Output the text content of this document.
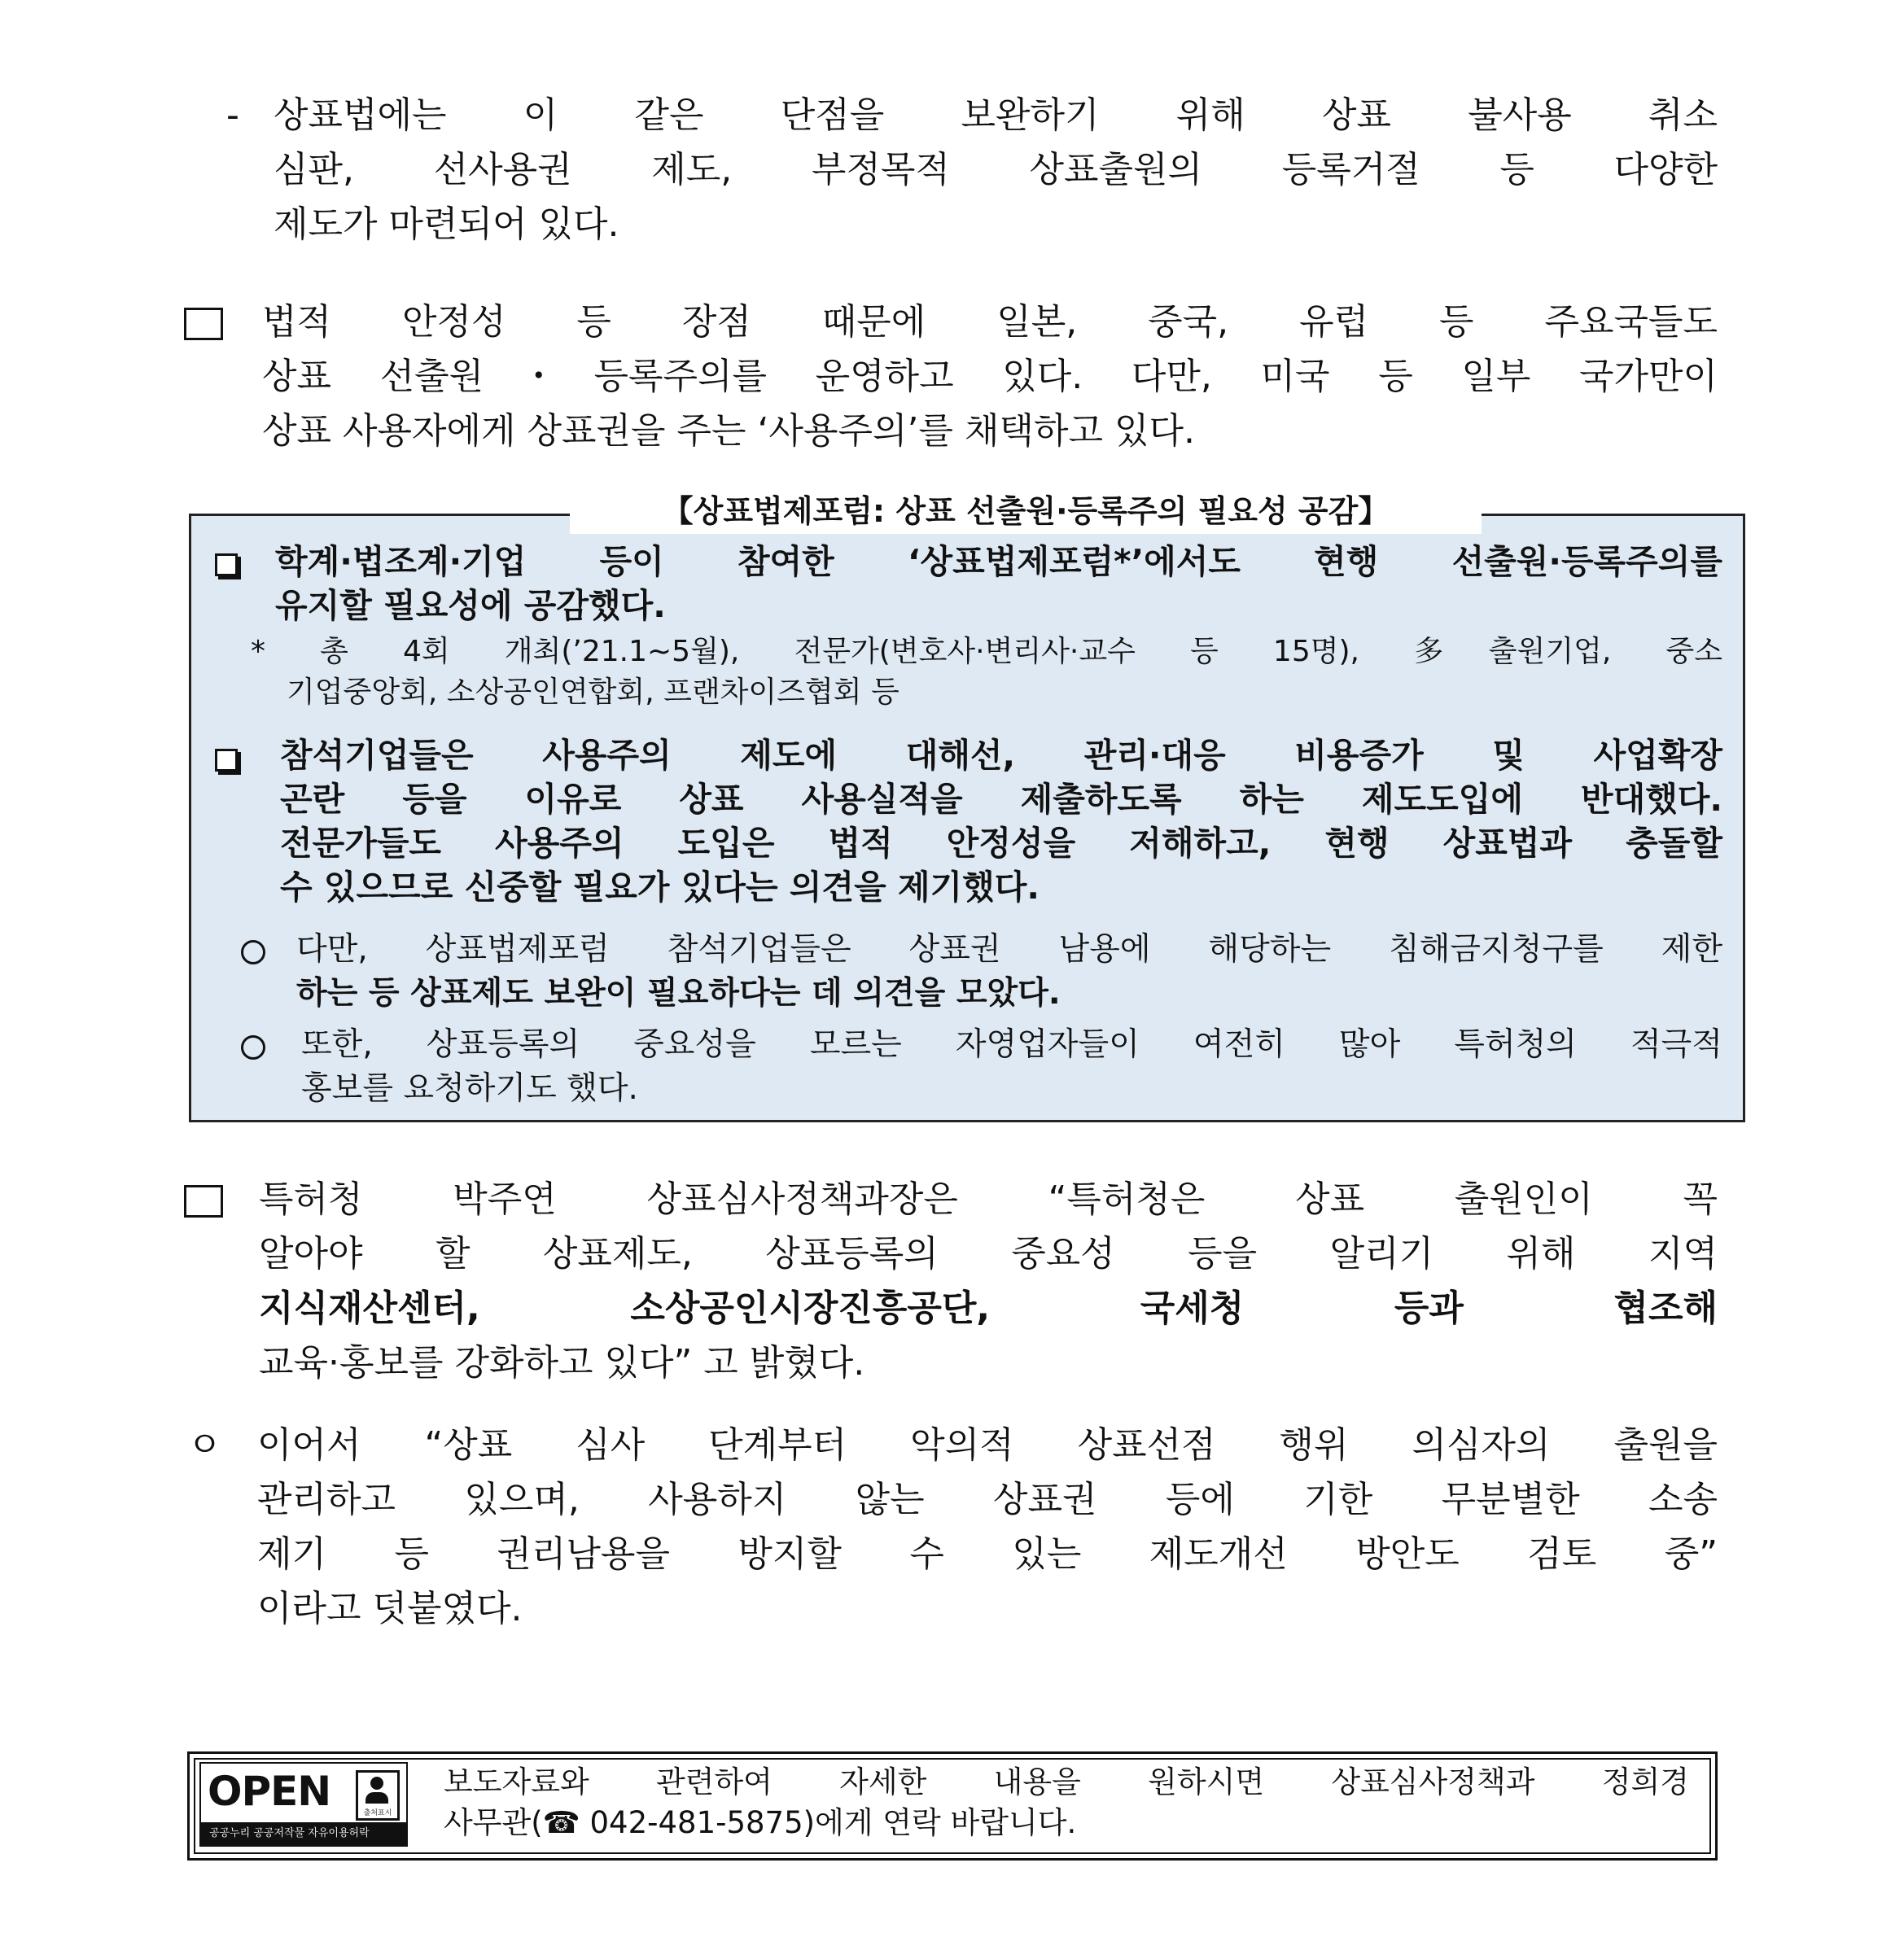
- 상표법에는 이 같은 단점을 보완하기 위해 상표 불사용 취소
심판, 선사용권 제도, 부정목적 상표출원의 등록거절 등 다양한
제도가 마련되어 있다.
법적 안정성 등 장점 때문에 일본, 중국, 유럽 등 주요국들도
상표 선출원・등록주의를 운영하고 있다. 다만, 미국 등 일부 국가만이
상표 사용자에게 상표권을 주는 ‘사용주의’를 채택하고 있다.
【상표법제포럼: 상표 선출원·등록주의 필요성 공감】
학계·법조계·기업 등이 참여한 ‘상표법제포럼*’에서도 현행 선출원·등록주의를
유지할 필요성에 공감했다.
* 총 4회 개최(’21.1~5월), 전문가(변호사·변리사·교수 등 15명), 多출원기업, 중소
기업중앙회, 소상공인연합회, 프랜차이즈협회 등
참석기업들은 사용주의 제도에 대해선, 관리·대응 비용증가 및 사업확장
곤란 등을 이유로 상표 사용실적을 제출하도록 하는 제도도입에 반대했다.
전문가들도 사용주의 도입은 법적 안정성을 저해하고, 현행 상표법과 충돌할
수 있으므로 신중할 필요가 있다는 의견을 제기했다.
다만, 상표법제포럼 참석기업들은 상표권 남용에 해당하는 침해금지청구를 제한
하는 등 상표제도 보완이 필요하다는 데 의견을 모았다.
또한, 상표등록의 중요성을 모르는 자영업자들이 여전히 많아 특허청의 적극적
홍보를 요청하기도 했다.
특허청 박주연 상표심사정책과장은 “특허청은 상표 출원인이 꼭
알아야 할 상표제도, 상표등록의 중요성 등을 알리기 위해 지역
지식재산센터, 소상공인시장진흥공단, 국세청 등과 협조해
교육·홍보를 강화하고 있다” 고 밝혔다.
ㅇ 이어서 “상표 심사 단계부터 악의적 상표선점 행위 의심자의 출원을
관리하고 있으며, 사용하지 않는 상표권 등에 기한 무분별한 소송
제기 등 권리남용을 방지할 수 있는 제도개선 방안도 검토 중”
이라고 덧붙였다.
OPEN	출처표시
공공누리 공공저작물 자유이용허락
보도자료와 관련하여 자세한 내용을 원하시면 상표심사정책과 정희경
사무관(☎ 042-481-5875)에게 연락 바랍니다.
